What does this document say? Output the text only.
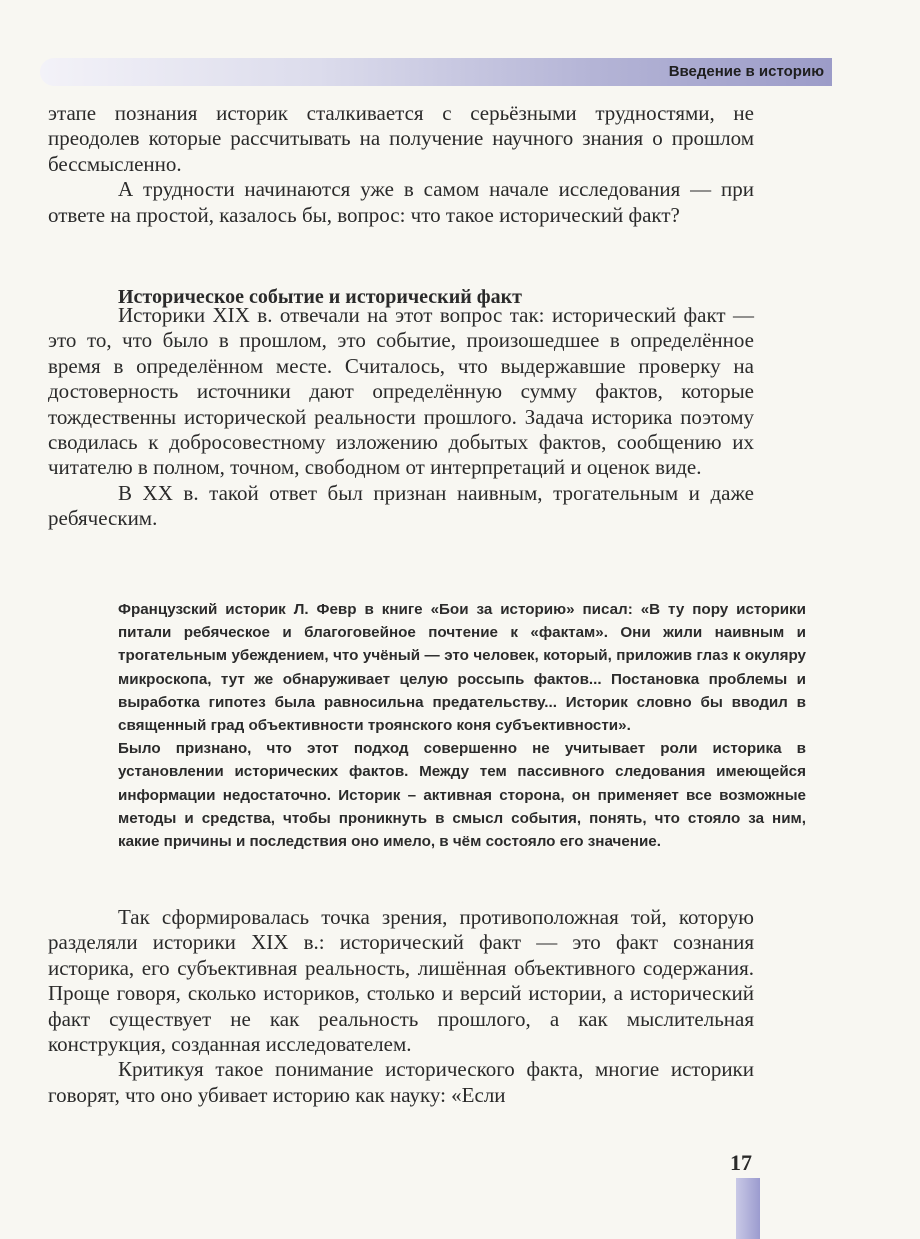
Введение в историю

этапе познания историк сталкивается с серьёзными трудностями, не преодолев которые рассчитывать на получение научного знания о прошлом бессмысленно.

А трудности начинаются уже в самом начале исследования — при ответе на простой, казалось бы, вопрос: что такое исторический факт?

Историческое событие и исторический факт

Историки XIX в. отвечали на этот вопрос так: исторический факт — это то, что было в прошлом, это событие, произошедшее в определённое время в определённом месте. Считалось, что выдержавшие проверку на достоверность источники дают определённую сумму фактов, которые тождественны исторической реальности прошлого. Задача историка поэтому сводилась к добросовестному изложению добытых фактов, сообщению их читателю в полном, точном, свободном от интерпретаций и оценок виде.

В XX в. такой ответ был признан наивным, трогательным и даже ребяческим.

Французский историк Л. Февр в книге «Бои за историю» писал: «В ту пору историки питали ребяческое и благоговейное почтение к «фактам». Они жили наивным и трогательным убеждением, что учёный — это человек, который, приложив глаз к окуляру микроскопа, тут же обнаруживает целую россыпь фактов... Постановка проблемы и выработка гипотез была равносильна предательству... Историк словно бы вводил в священный град объективности троянского коня субъективности».

Было признано, что этот подход совершенно не учитывает роли историка в установлении исторических фактов. Между тем пассивного следования имеющейся информации недостаточно. Историк – активная сторона, он применяет все возможные методы и средства, чтобы проникнуть в смысл события, понять, что стояло за ним, какие причины и последствия оно имело, в чём состояло его значение.

Так сформировалась точка зрения, противоположная той, которую разделяли историки XIX в.: исторический факт — это факт сознания историка, его субъективная реальность, лишённая объективного содержания. Проще говоря, сколько историков, столько и версий истории, а исторический факт существует не как реальность прошлого, а как мыслительная конструкция, созданная исследователем.

Критикуя такое понимание исторического факта, многие историки говорят, что оно убивает историю как науку: «Если

17
